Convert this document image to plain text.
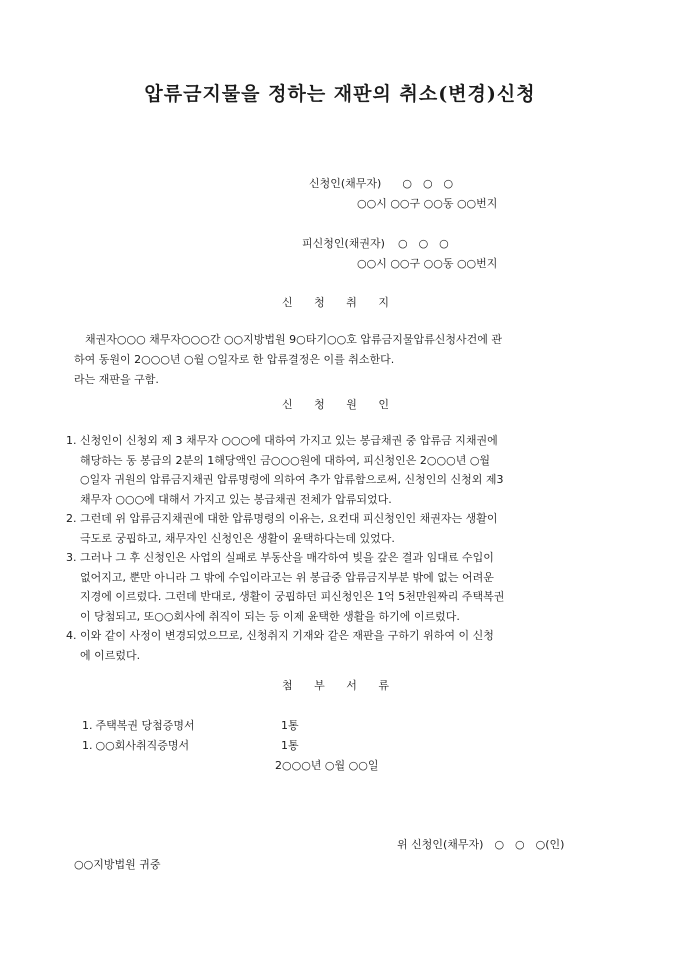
압류금지물을 정하는 재판의 취소(변경)신청
신청인(채무자) ○　○　○
○○시 ○○구 ○○동 ○○번지
피신청인(채권자) ○　○　○
○○시 ○○구 ○○동 ○○번지
신 청 취 지

채권자○○○ 채무자○○○간 ○○지방법원 9○타기○○호 압류금지물압류신청사건에 관

하여 동원이 2○○○년 ○월 ○일자로 한 압류결정은 이를 취소한다.

라는 재판을 구함.

신 청 원 인
1. 신청인이 신청외 제 3 채무자 ○○○에 대하여 가지고 있는 봉급채권 중 압류금 지채권에
해당하는 동 봉급의 2분의 1해당액인 금○○○원에 대하여, 피신청인은 2○○○년 ○월
○일자 귀원의 압류금지채권 압류명령에 의하여 추가 압류함으로써, 신청인의 신청외 제3
채무자 ○○○에 대해서 가지고 있는 봉급채권 전체가 압류되었다.
2. 그런데 위 압류금지채권에 대한 압류명령의 이유는, 요컨대 피신청인인 채권자는 생활이
극도로 궁핍하고, 채무자인 신청인은 생활이 윤택하다는데 있었다.
3. 그러나 그 후 신청인은 사업의 실패로 부동산을 매각하여 빚을 갚은 결과 임대료 수입이
없어지고, 뿐만 아니라 그 밖에 수입이라고는 위 봉급중 압류금지부분 밖에 없는 어려운
지경에 이르렀다. 그런데 반대로, 생활이 궁핍하던 피신청인은 1억 5천만원짜리 주택복권
이 당첨되고, 또○○회사에 취직이 되는 등 이제 윤택한 생활을 하기에 이르렀다.
4. 이와 같이 사정이 변경되었으므로, 신청취지 기재와 같은 재판을 구하기 위하여 이 신청
에 이르렀다.
첨 부 서 류
1. 주택복권 당첨증명서	1통
1. ○○회사취직증명서	1통
2○○○년 ○월 ○○일
위 신청인(채무자)　○　○　○(인)
○○지방법원 귀중
